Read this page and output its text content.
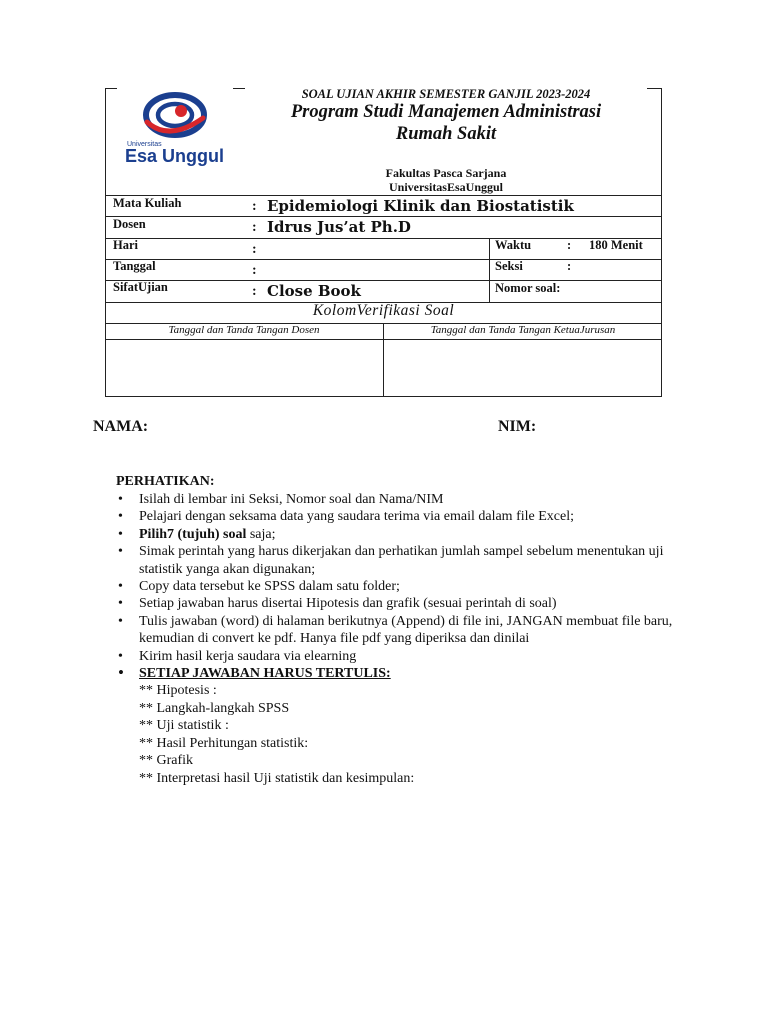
Universitas
Esa Unggul
SOAL UJIAN AKHIR SEMESTER GANJIL 2023-2024
Program Studi Manajemen Administrasi
Rumah Sakit
Fakultas Pasca Sarjana
UniversitasEsaUnggul
Mata Kuliah	: Epidemiologi Klinik dan Biostatistik
Dosen	: Idrus Jus’at Ph.D
Hari	:	Waktu	: 180 Menit
Tanggal	:	Seksi	:
SifatUjian	: Close Book	Nomor soal:
KolomVerifikasi Soal
Tanggal dan Tanda Tangan Dosen	Tanggal dan Tanda Tangan KetuaJurusan
NAMA:	NIM:
PERHATIKAN:
• Isilah di lembar ini Seksi, Nomor soal dan Nama/NIM
• Pelajari dengan seksama data yang saudara terima via email dalam file Excel;
• Pilih7 (tujuh) soal saja;
• Simak perintah yang harus dikerjakan dan perhatikan jumlah sampel sebelum menentukan uji statistik yanga akan digunakan;
• Copy data tersebut ke SPSS dalam satu folder;
• Setiap jawaban harus disertai Hipotesis dan grafik (sesuai perintah di soal)
• Tulis jawaban (word) di halaman berikutnya (Append) di file ini, JANGAN membuat file baru, kemudian di convert ke pdf. Hanya file pdf yang diperiksa dan dinilai
• Kirim hasil kerja saudara via elearning
• SETIAP JAWABAN HARUS TERTULIS:
** Hipotesis :
** Langkah-langkah SPSS
** Uji statistik :
** Hasil Perhitungan statistik:
** Grafik
** Interpretasi hasil Uji statistik dan kesimpulan:
